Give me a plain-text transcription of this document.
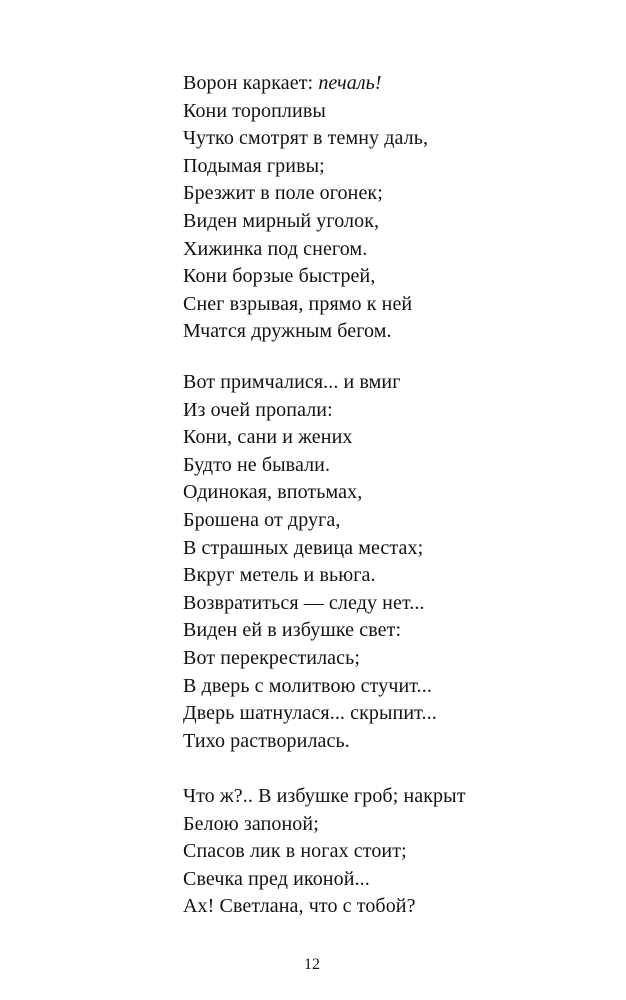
Ворон каркает: печаль!
Кони торопливы
Чутко смотрят в темну даль,
Подымая гривы;
Брезжит в поле огонек;
Виден мирный уголок,
Хижинка под снегом.
Кони борзые быстрей,
Снег взрывая, прямо к ней
Мчатся дружным бегом.
Вот примчалися... и вмиг
Из очей пропали:
Кони, сани и жених
Будто не бывали.
Одинокая, впотьмах,
Брошена от друга,
В страшных девица местах;
Вкруг метель и вьюга.
Возвратиться — следу нет...
Виден ей в избушке свет:
Вот перекрестилась;
В дверь с молитвою стучит...
Дверь шатнулася... скрыпит...
Тихо растворилась.
Что ж?.. В избушке гроб; накрыт
Белою запоной;
Спасов лик в ногах стоит;
Свечка пред иконой...
Ах! Светлана, что с тобой?
12
